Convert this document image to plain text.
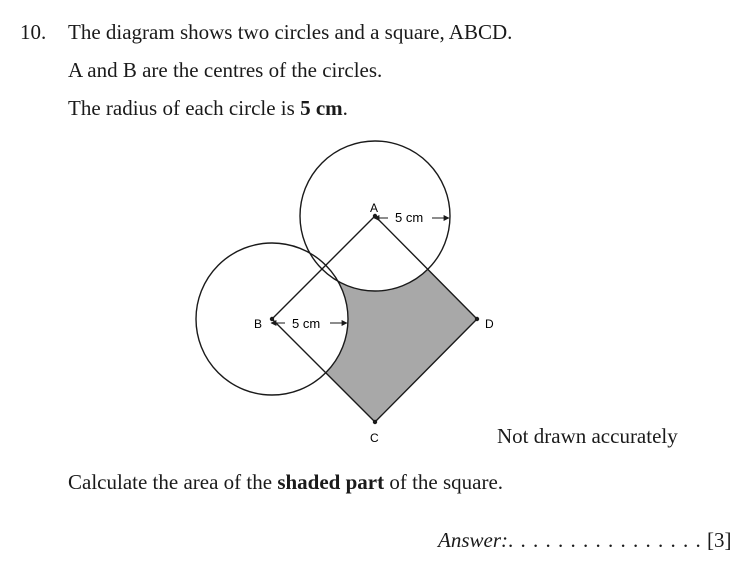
10. The diagram shows two circles and a square, ABCD.
A and B are the centres of the circles.
The radius of each circle is 5 cm.
A
B
C
D
5 cm
5 cm
Not drawn accurately
Calculate the area of the shaded part of the square.
Answer:. . . . . . . . . . . . . . . . [3]
